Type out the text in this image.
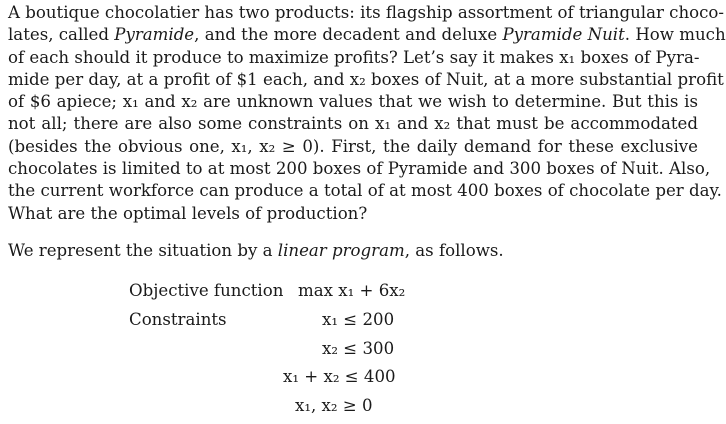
A boutique chocolatier has two products: its flagship assortment of triangular choco-
lates, called Pyramide, and the more decadent and deluxe Pyramide Nuit. How much
of each should it produce to maximize profits? Let’s say it makes x₁ boxes of Pyra-
mide per day, at a profit of $1 each, and x₂ boxes of Nuit, at a more substantial profit
of $6 apiece; x₁ and x₂ are unknown values that we wish to determine. But this is
not all; there are also some constraints on x₁ and x₂ that must be accommodated
(besides the obvious one, x₁, x₂ ≥ 0). First, the daily demand for these exclusive
chocolates is limited to at most 200 boxes of Pyramide and 300 boxes of Nuit. Also,
the current workforce can produce a total of at most 400 boxes of chocolate per day.
What are the optimal levels of production?
We represent the situation by a linear program, as follows.
Objective function max x₁ + 6x₂
Constraints	x₁ ≤ 200
x₂ ≤ 300
x₁ + x₂ ≤ 400
x₁, x₂ ≥ 0
